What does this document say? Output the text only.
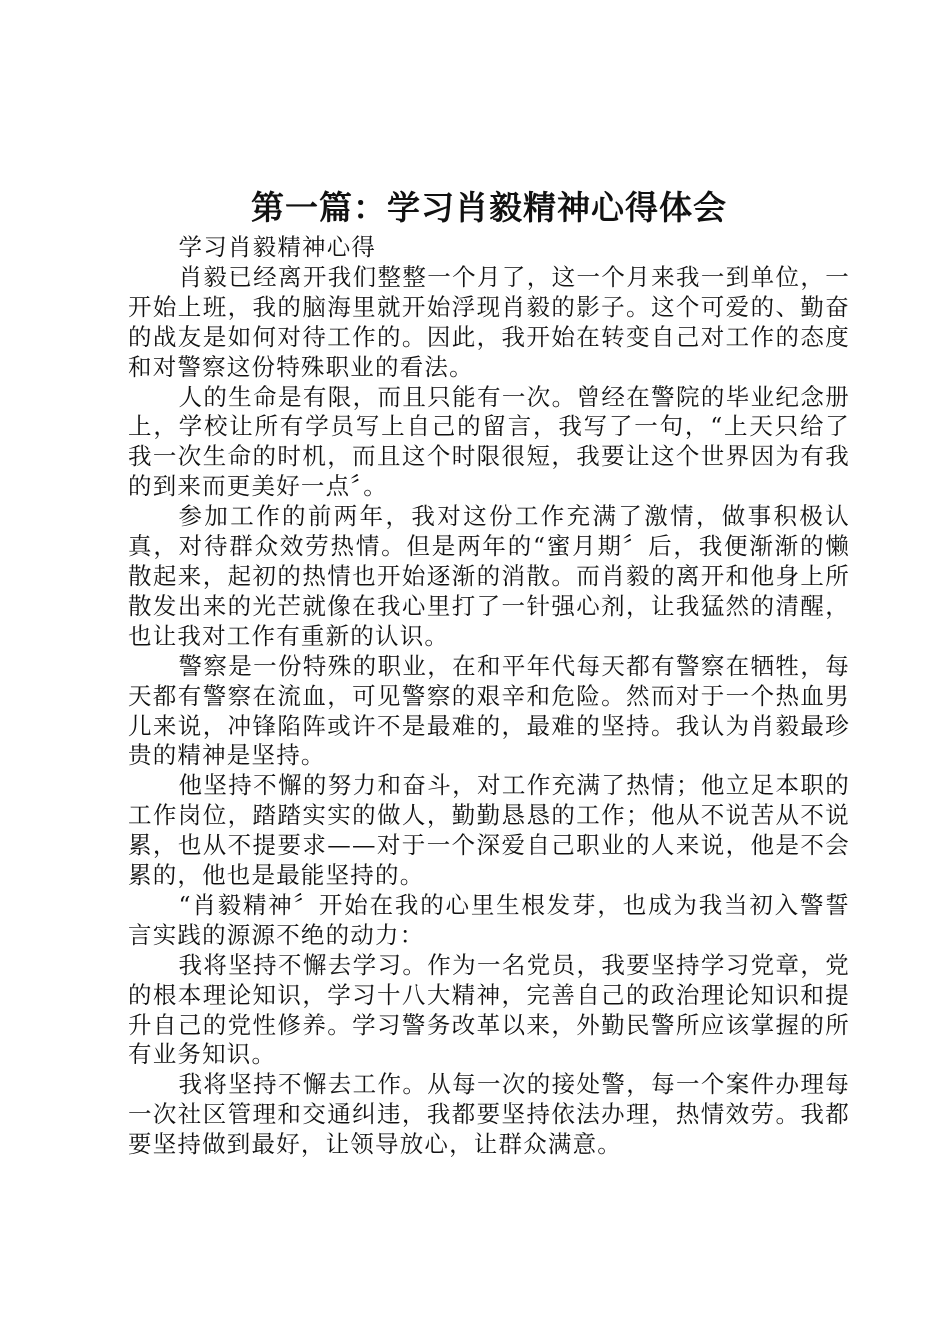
第一篇：学习肖毅精神心得体会

学习肖毅精神心得

肖毅已经离开我们整整一个月了，这一个月来我一到单位，一开始上班，我的脑海里就开始浮现肖毅的影子。这个可爱的、勤奋的战友是如何对待工作的。因此，我开始在转变自己对工作的态度和对警察这份特殊职业的看法。

人的生命是有限，而且只能有一次。曾经在警院的毕业纪念册上，学校让所有学员写上自己的留言，我写了一句，“上天只给了我一次生命的时机，而且这个时限很短，我要让这个世界因为有我的到来而更美好一点〞。

参加工作的前两年，我对这份工作充满了激情，做事积极认真，对待群众效劳热情。但是两年的“蜜月期〞后，我便渐渐的懒散起来，起初的热情也开始逐渐的消散。而肖毅的离开和他身上所散发出来的光芒就像在我心里打了一针强心剂，让我猛然的清醒，也让我对工作有重新的认识。

警察是一份特殊的职业，在和平年代每天都有警察在牺牲，每天都有警察在流血，可见警察的艰辛和危险。然而对于一个热血男儿来说，冲锋陷阵或许不是最难的，最难的坚持。我认为肖毅最珍贵的精神是坚持。

他坚持不懈的努力和奋斗，对工作充满了热情；他立足本职的工作岗位，踏踏实实的做人，勤勤恳恳的工作；他从不说苦从不说累，也从不提要求——对于一个深爱自己职业的人来说，他是不会累的，他也是最能坚持的。

“肖毅精神〞开始在我的心里生根发芽，也成为我当初入警誓言实践的源源不绝的动力：

我将坚持不懈去学习。作为一名党员，我要坚持学习党章，党的根本理论知识，学习十八大精神，完善自己的政治理论知识和提升自己的党性修养。学习警务改革以来，外勤民警所应该掌握的所有业务知识。

我将坚持不懈去工作。从每一次的接处警，每一个案件办理每一次社区管理和交通纠违，我都要坚持依法办理，热情效劳。我都要坚持做到最好，让领导放心，让群众满意。
